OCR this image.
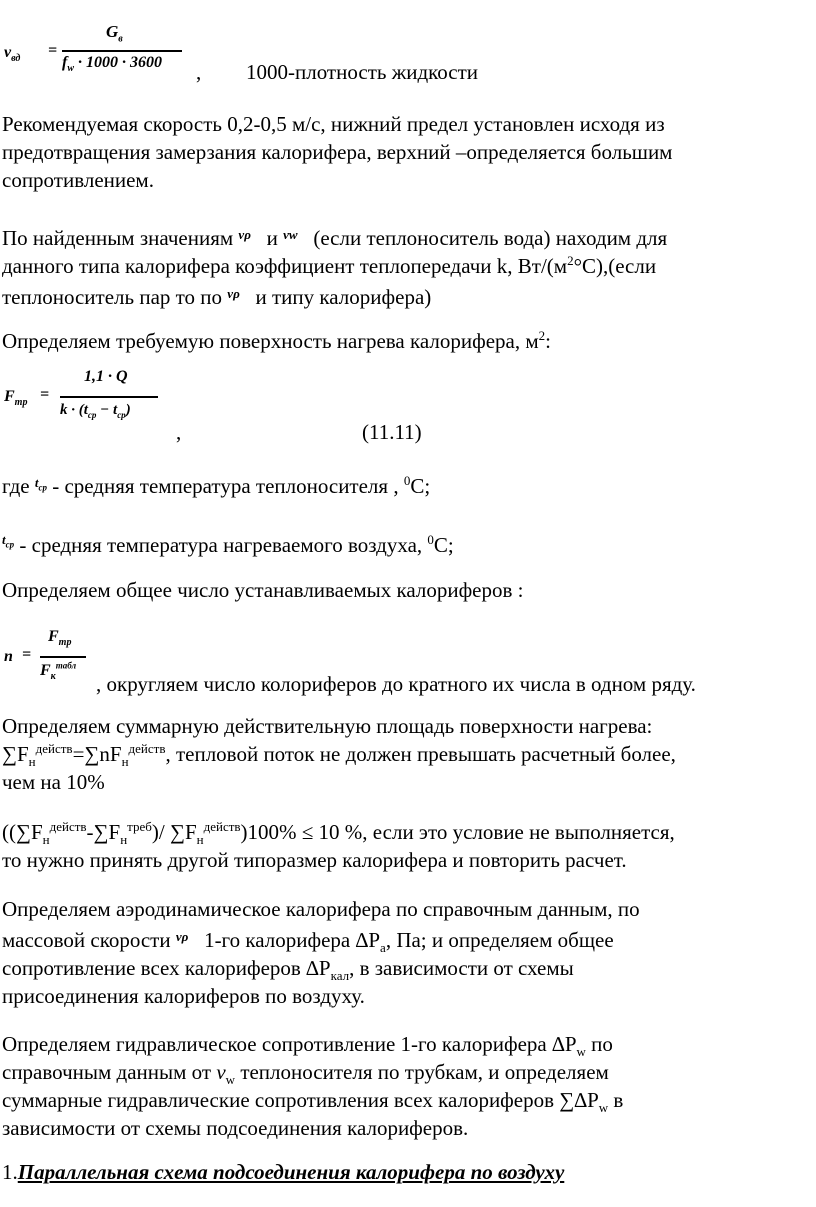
$v_{вд}$ =
$G_в$
$f_w \cdot 1000 \cdot 3600$ , 1000-плотность жидкости
Рекомендуемая скорость 0,2-0,5 м/с, нижний предел установлен исходя из
предотвращения замерзания калорифера, верхний –определяется большим
сопротивлением.
По найденным значениям $^{v\rho}$ и $^{vw}$ (если теплоноситель вода) находим для
данного типа калорифера коэффициент теплопередачи k, $Вт/(м^2^\circ С),(если$
теплоноситель пар то по $^{v\rho}$ и типу калорифера)
Определяем требуемую поверхность нагрева калорифера, $м^2$:
$F_{тр}$ =
1,1 · Q
$k \cdot (t_{ср} - t_{ср})$
,	(11.11)
где $^{t_{ср}}$ - средняя температура теплоносителя , $^0$С;
$^{t_{ср}}$ - средняя температура нагреваемого воздуха, $^0$С;
Определяем общее число устанавливаемых калориферов :
n =
$F_{тр}$
$F_к^{табл}$
, округляем число колориферов до кратного их числа в одном ряду.
Определяем суммарную действительную площадь поверхности нагрева:
$\sum F_н^{действ}=\sum nF_н^{действ}$, тепловой поток не должен превышать расчетный более,
чем на 10%
($(\sum F_н^{действ}-\sum F_н^{треб})/$ $\sum F_н^{действ})100\% \le 10$ %, если это условие не выполняется,
то нужно принять другой типоразмер калорифера и повторить расчет.
Определяем аэродинамическое калорифера по справочным данным, по
массовой скорости $^{v\rho}$ 1-го калорифера $\Delta Р_а$, Па; и определяем общее
сопротивление всех калориферов $\Delta Р_{кал}$, в зависимости от схемы
присоединения калориферов по воздуху.
Определяем гидравлическое сопротивление 1-го калорифера $\Delta Р_w$ по
справочным данным от $v_w$ теплоносителя по трубкам, и определяем
суммарные гидравлические сопротивления всех калориферов $\sum\Delta Р_w$ в
зависимости от схемы подсоединения калориферов.
1.Параллельная схема подсоединения калорифера по воздуху
